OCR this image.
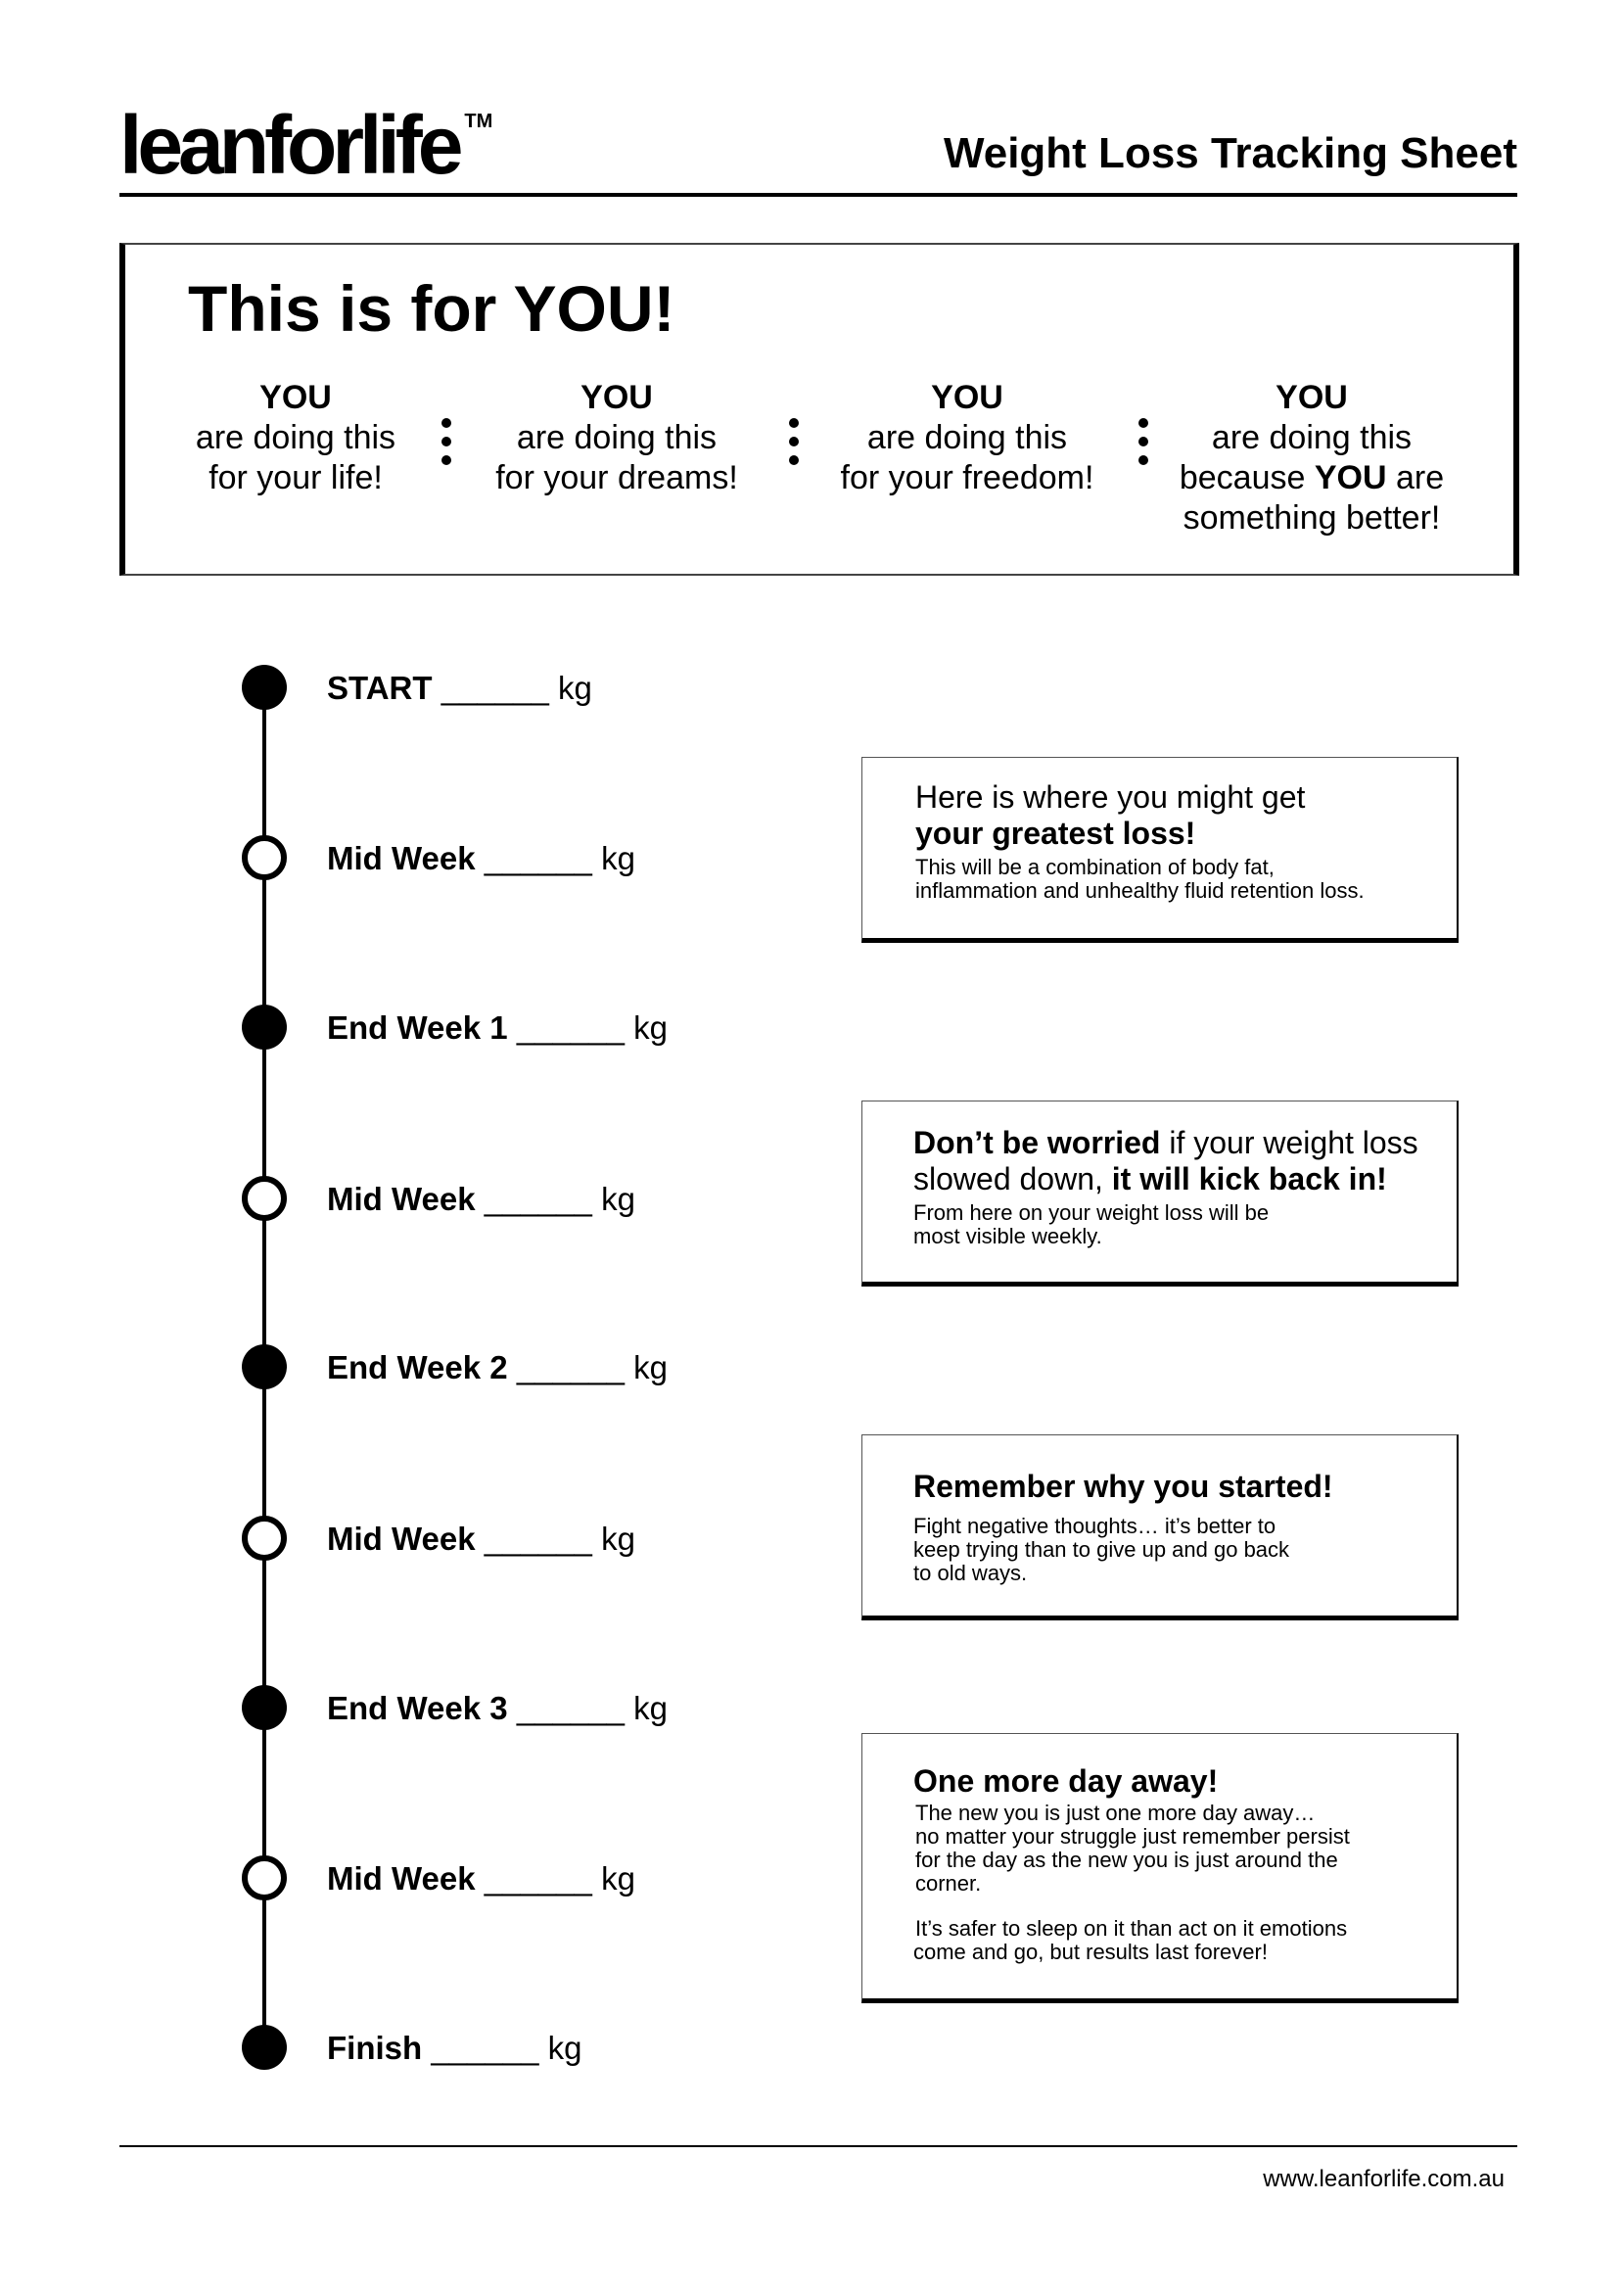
leanforlife ™
Weight Loss Tracking Sheet
This is for YOU!
YOU
are doing this
for your life!
YOU
are doing this
for your dreams!
YOU
are doing this
for your freedom!
YOU
are doing this
because YOU are
something better!
START ______ kg
Mid Week ______ kg
End Week 1 ______ kg
Mid Week ______ kg
End Week 2 ______ kg
Mid Week ______ kg
End Week 3 ______ kg
Mid Week ______ kg
Finish ______ kg
Here is where you might get
your greatest loss!
This will be a combination of body fat,
inflammation and unhealthy fluid retention loss.
Don’t be worried if your weight loss
slowed down, it will kick back in!
From here on your weight loss will be
most visible weekly.
Remember why you started!
Fight negative thoughts… it’s better to
keep trying than to give up and go back
to old ways.
One more day away!
The new you is just one more day away…
no matter your struggle just remember persist
for the day as the new you is just around the
corner.
It’s safer to sleep on it than act on it emotions
come and go, but results last forever!
www.leanforlife.com.au
